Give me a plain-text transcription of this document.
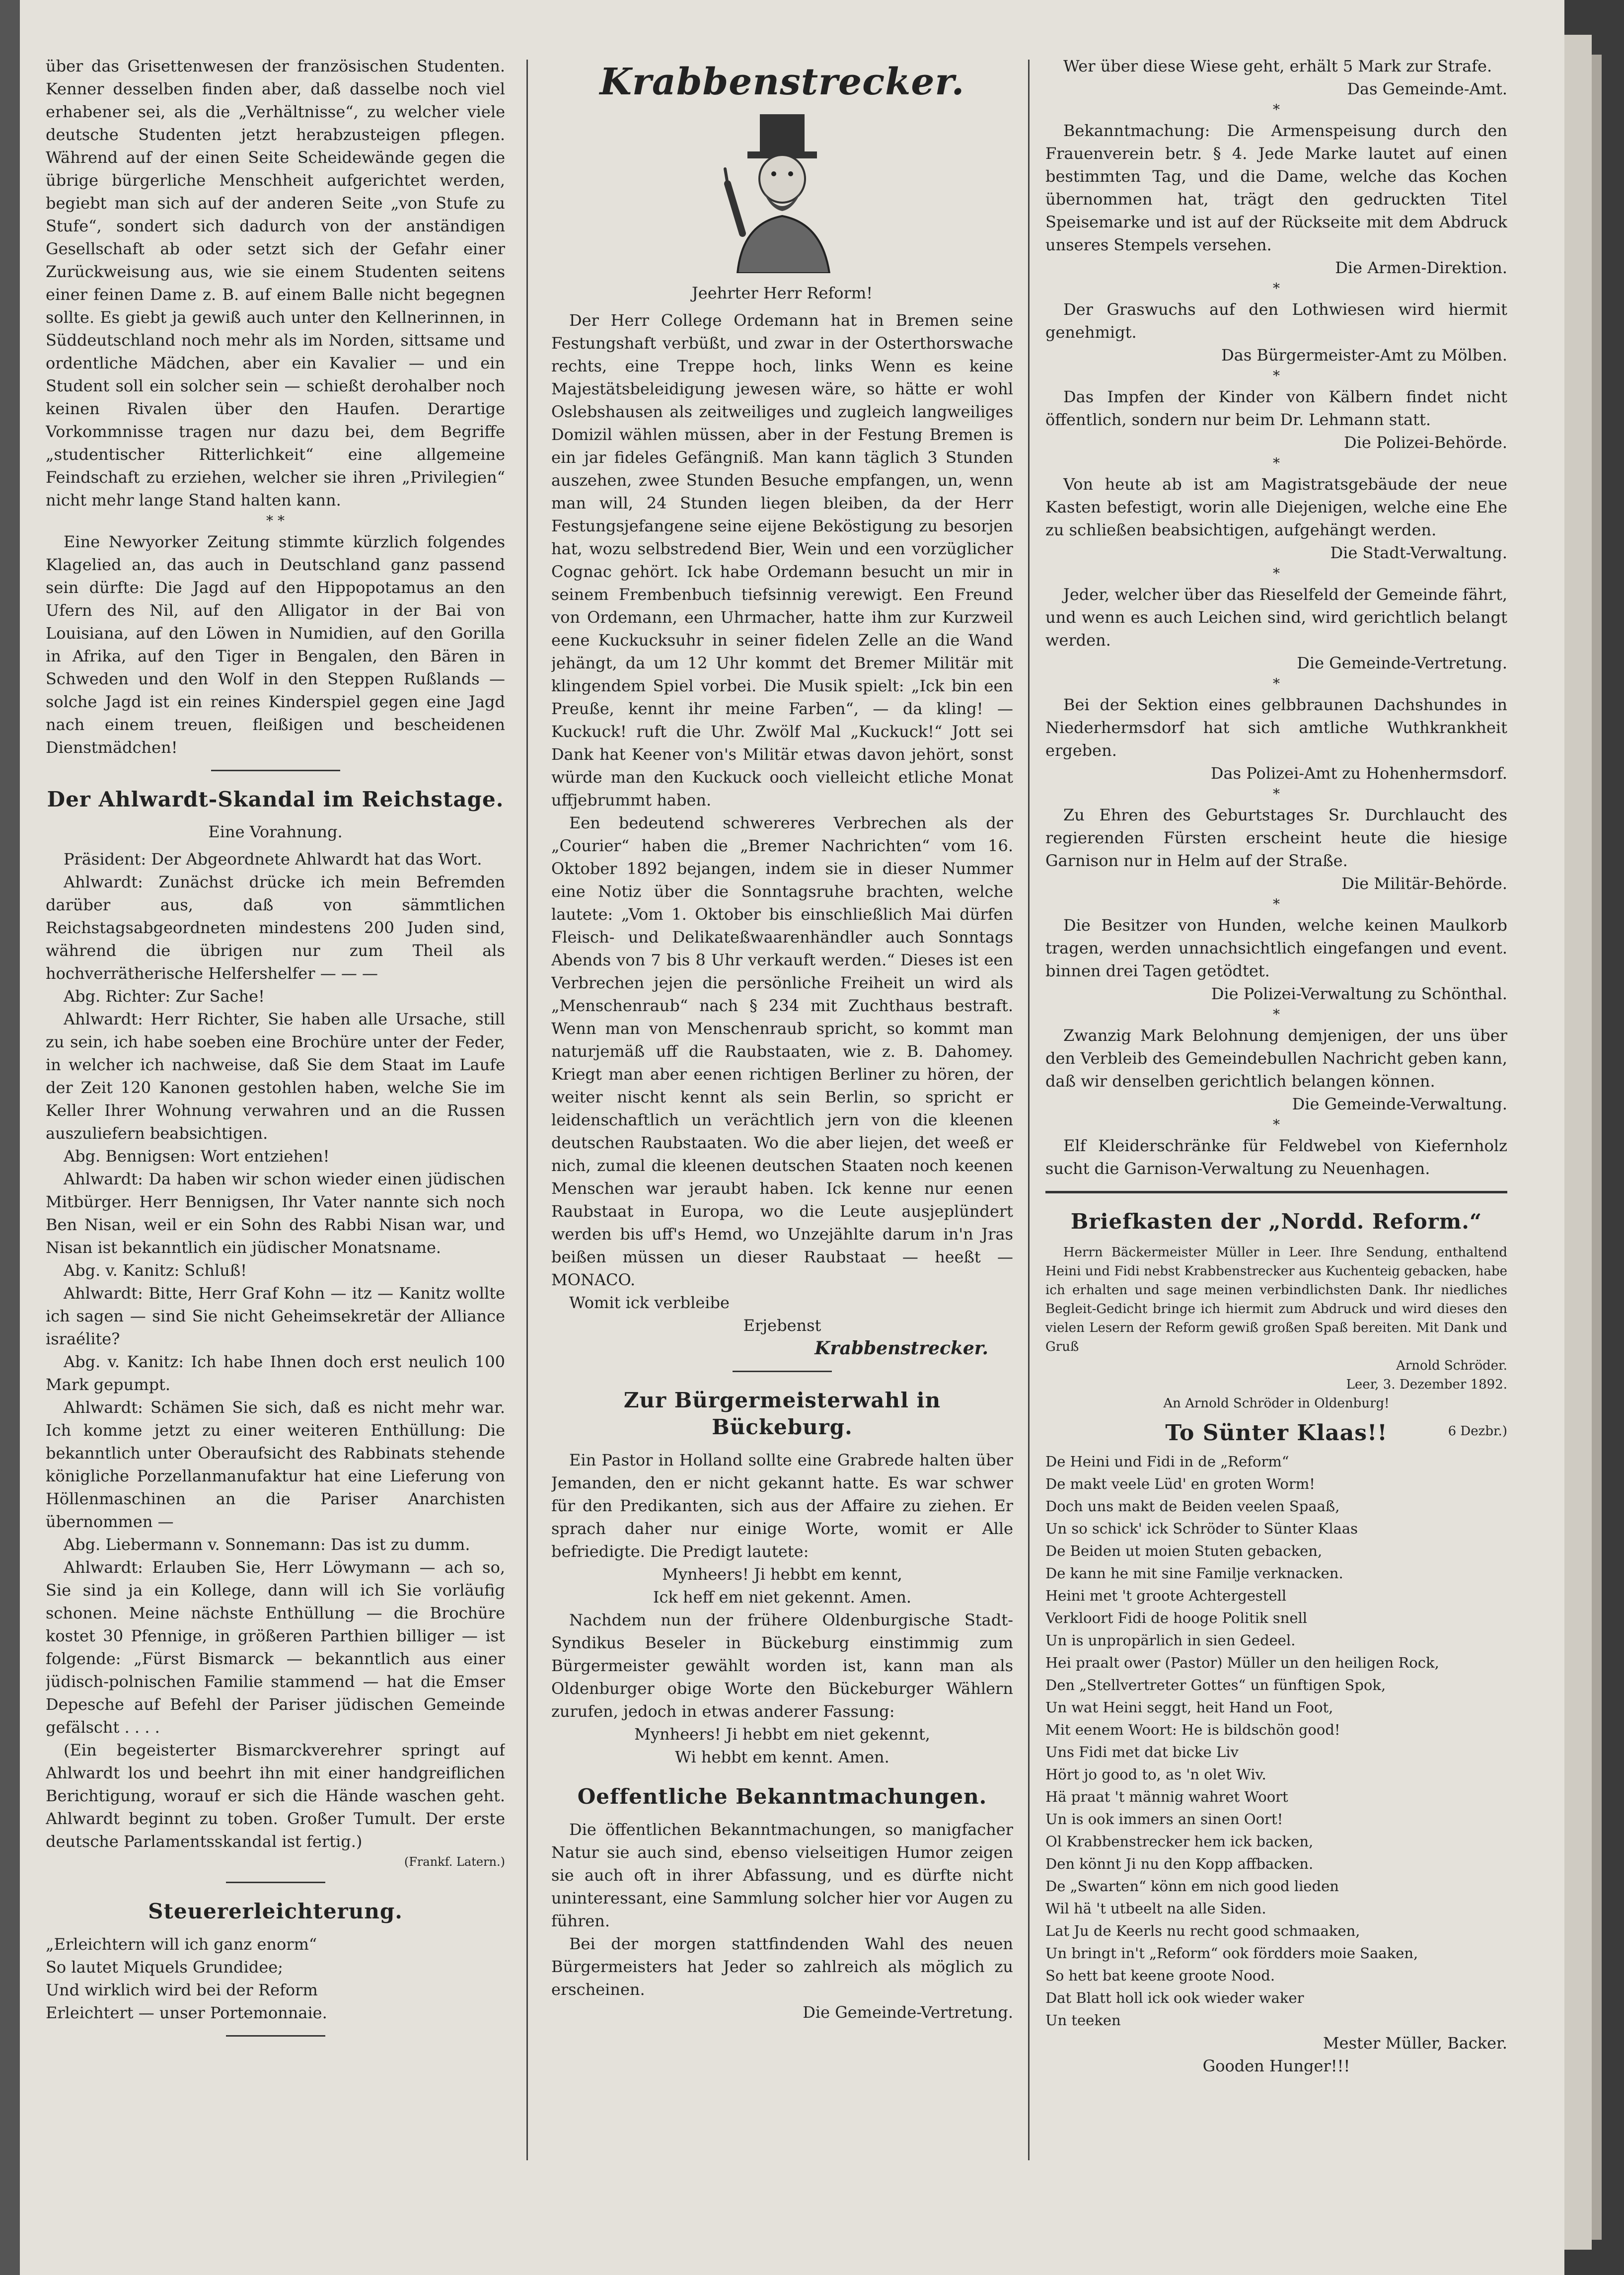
über das Grisettenwesen der französischen Studenten. Kenner desselben finden aber, daß dasselbe noch viel erhabener sei, als die „Verhältnisse“, zu welcher viele deutsche Studenten jetzt herabzusteigen pflegen. Während auf der einen Seite Scheidewände gegen die übrige bürgerliche Menschheit aufgerichtet werden, begiebt man sich auf der anderen Seite „von Stufe zu Stufe“, sondert sich dadurch von der anständigen Gesellschaft ab oder setzt sich der Gefahr einer Zurückweisung aus, wie sie einem Studenten seitens einer feinen Dame z. B. auf einem Balle nicht begegnen sollte. Es giebt ja gewiß auch unter den Kellnerinnen, in Süddeutschland noch mehr als im Norden, sittsame und ordentliche Mädchen, aber ein Kavalier — und ein Student soll ein solcher sein — schießt derohalber noch keinen Rivalen über den Haufen. Derartige Vorkommnisse tragen nur dazu bei, dem Begriffe „studentischer Ritterlichkeit“ eine allgemeine Feindschaft zu erziehen, welcher sie ihren „Privilegien“ nicht mehr lange Stand halten kann.

* *

Eine Newyorker Zeitung stimmte kürzlich folgendes Klagelied an, das auch in Deutschland ganz passend sein dürfte: Die Jagd auf den Hippopotamus an den Ufern des Nil, auf den Alligator in der Bai von Louisiana, auf den Löwen in Numidien, auf den Gorilla in Afrika, auf den Tiger in Bengalen, den Bären in Schweden und den Wolf in den Steppen Rußlands — solche Jagd ist ein reines Kinderspiel gegen eine Jagd nach einem treuen, fleißigen und bescheidenen Dienstmädchen!

Der Ahlwardt-Skandal im Reichstage.

Eine Vorahnung.

Präsident: Der Abgeordnete Ahlwardt hat das Wort.

Ahlwardt: Zunächst drücke ich mein Befremden darüber aus, daß von sämmtlichen Reichstagsabgeordneten mindestens 200 Juden sind, während die übrigen nur zum Theil als hochverrätherische Helfershelfer — — —

Abg. Richter: Zur Sache!

Ahlwardt: Herr Richter, Sie haben alle Ursache, still zu sein, ich habe soeben eine Brochüre unter der Feder, in welcher ich nachweise, daß Sie dem Staat im Laufe der Zeit 120 Kanonen gestohlen haben, welche Sie im Keller Ihrer Wohnung verwahren und an die Russen auszuliefern beabsichtigen.

Abg. Bennigsen: Wort entziehen!

Ahlwardt: Da haben wir schon wieder einen jüdischen Mitbürger. Herr Bennigsen, Ihr Vater nannte sich noch Ben Nisan, weil er ein Sohn des Rabbi Nisan war, und Nisan ist bekanntlich ein jüdischer Monatsname.

Abg. v. Kanitz: Schluß!

Ahlwardt: Bitte, Herr Graf Kohn — itz — Kanitz wollte ich sagen — sind Sie nicht Geheimsekretär der Alliance israélite?

Abg. v. Kanitz: Ich habe Ihnen doch erst neulich 100 Mark gepumpt.

Ahlwardt: Schämen Sie sich, daß es nicht mehr war. Ich komme jetzt zu einer weiteren Enthüllung: Die bekanntlich unter Oberaufsicht des Rabbinats stehende königliche Porzellanmanufaktur hat eine Lieferung von Höllenmaschinen an die Pariser Anarchisten übernommen —

Abg. Liebermann v. Sonnemann: Das ist zu dumm.

Ahlwardt: Erlauben Sie, Herr Löwymann — ach so, Sie sind ja ein Kollege, dann will ich Sie vorläufig schonen. Meine nächste Enthüllung — die Brochüre kostet 30 Pfennige, in größeren Parthien billiger — ist folgende: „Fürst Bismarck — bekanntlich aus einer jüdisch-polnischen Familie stammend — hat die Emser Depesche auf Befehl der Pariser jüdischen Gemeinde gefälscht . . . .

(Ein begeisterter Bismarckverehrer springt auf Ahlwardt los und beehrt ihn mit einer handgreiflichen Berichtigung, worauf er sich die Hände waschen geht. Ahlwardt beginnt zu toben. Großer Tumult. Der erste deutsche Parlamentsskandal ist fertig.)

(Frankf. Latern.)

Steuererleichterung.

„Erleichtern will ich ganz enorm“

So lautet Miquels Grundidee;

Und wirklich wird bei der Reform

Erleichtert — unser Portemonnaie.

Krabbenstrecker.

Jeehrter Herr Reform!

Der Herr College Ordemann hat in Bremen seine Festungshaft verbüßt, und zwar in der Osterthorswache rechts, eine Treppe hoch, links Wenn es keine Majestätsbeleidigung jewesen wäre, so hätte er wohl Oslebshausen als zeitweiliges und zugleich langweiliges Domizil wählen müssen, aber in der Festung Bremen is ein jar fideles Gefängniß. Man kann täglich 3 Stunden auszehen, zwee Stunden Besuche empfangen, un, wenn man will, 24 Stunden liegen bleiben, da der Herr Festungsjefangene seine eijene Beköstigung zu besorjen hat, wozu selbstredend Bier, Wein und een vorzüglicher Cognac gehört. Ick habe Ordemann besucht un mir in seinem Frembenbuch tiefsinnig verewigt. Een Freund von Ordemann, een Uhrmacher, hatte ihm zur Kurzweil eene Kuckucksuhr in seiner fidelen Zelle an die Wand jehängt, da um 12 Uhr kommt det Bremer Militär mit klingendem Spiel vorbei. Die Musik spielt: „Ick bin een Preuße, kennt ihr meine Farben“, — da kling! — Kuckuck! ruft die Uhr. Zwölf Mal „Kuckuck!“ Jott sei Dank hat Keener von's Militär etwas davon jehört, sonst würde man den Kuckuck ooch vielleicht etliche Monat uffjebrummt haben.

Een bedeutend schwereres Verbrechen als der „Courier“ haben die „Bremer Nachrichten“ vom 16. Oktober 1892 bejangen, indem sie in dieser Nummer eine Notiz über die Sonntagsruhe brachten, welche lautete: „Vom 1. Oktober bis einschließlich Mai dürfen Fleisch- und Delikateßwaarenhändler auch Sonntags Abends von 7 bis 8 Uhr verkauft werden.“ Dieses ist een Verbrechen jejen die persönliche Freiheit un wird als „Menschenraub“ nach § 234 mit Zuchthaus bestraft. Wenn man von Menschenraub spricht, so kommt man naturjemäß uff die Raubstaaten, wie z. B. Dahomey. Kriegt man aber eenen richtigen Berliner zu hören, der weiter nischt kennt als sein Berlin, so spricht er leidenschaftlich un verächtlich jern von die kleenen deutschen Raubstaaten. Wo die aber liejen, det weeß er nich, zumal die kleenen deutschen Staaten noch keenen Menschen war jeraubt haben. Ick kenne nur eenen Raubstaat in Europa, wo die Leute ausjeplündert werden bis uff's Hemd, wo Unzejählte darum in'n Jras beißen müssen un dieser Raubstaat — heeßt — MONACO.

Womit ick verbleibe

Erjebenst

Krabbenstrecker.

Zur Bürgermeisterwahl in Bückeburg.

Ein Pastor in Holland sollte eine Grabrede halten über Jemanden, den er nicht gekannt hatte. Es war schwer für den Predikanten, sich aus der Affaire zu ziehen. Er sprach daher nur einige Worte, womit er Alle befriedigte. Die Predigt lautete:

Mynheers! Ji hebbt em kennt,

Ick heff em niet gekennt. Amen.

Nachdem nun der frühere Oldenburgische Stadt-Syndikus Beseler in Bückeburg einstimmig zum Bürgermeister gewählt worden ist, kann man als Oldenburger obige Worte den Bückeburger Wählern zurufen, jedoch in etwas anderer Fassung:

Mynheers! Ji hebbt em niet gekennt,

Wi hebbt em kennt. Amen.

Oeffentliche Bekanntmachungen.

Die öffentlichen Bekanntmachungen, so manigfacher Natur sie auch sind, ebenso vielseitigen Humor zeigen sie auch oft in ihrer Abfassung, und es dürfte nicht uninteressant, eine Sammlung solcher hier vor Augen zu führen.

Bei der morgen stattfindenden Wahl des neuen Bürgermeisters hat Jeder so zahlreich als möglich zu erscheinen.

Die Gemeinde-Vertretung.

Wer über diese Wiese geht, erhält 5 Mark zur Strafe.

Das Gemeinde-Amt.

*

Bekanntmachung: Die Armenspeisung durch den Frauenverein betr. § 4. Jede Marke lautet auf einen bestimmten Tag, und die Dame, welche das Kochen übernommen hat, trägt den gedruckten Titel Speisemarke und ist auf der Rückseite mit dem Abdruck unseres Stempels versehen.

Die Armen-Direktion.

*

Der Graswuchs auf den Lothwiesen wird hiermit genehmigt.

Das Bürgermeister-Amt zu Mölben.

*

Das Impfen der Kinder von Kälbern findet nicht öffentlich, sondern nur beim Dr. Lehmann statt.

Die Polizei-Behörde.

*

Von heute ab ist am Magistratsgebäude der neue Kasten befestigt, worin alle Diejenigen, welche eine Ehe zu schließen beabsichtigen, aufgehängt werden.

Die Stadt-Verwaltung.

*

Jeder, welcher über das Rieselfeld der Gemeinde fährt, und wenn es auch Leichen sind, wird gerichtlich belangt werden.

Die Gemeinde-Vertretung.

*

Bei der Sektion eines gelbbraunen Dachshundes in Niederhermsdorf hat sich amtliche Wuthkrankheit ergeben.

Das Polizei-Amt zu Hohenhermsdorf.

*

Zu Ehren des Geburtstages Sr. Durchlaucht des regierenden Fürsten erscheint heute die hiesige Garnison nur in Helm auf der Straße.

Die Militär-Behörde.

*

Die Besitzer von Hunden, welche keinen Maulkorb tragen, werden unnachsichtlich eingefangen und event. binnen drei Tagen getödtet.

Die Polizei-Verwaltung zu Schönthal.

*

Zwanzig Mark Belohnung demjenigen, der uns über den Verbleib des Gemeindebullen Nachricht geben kann, daß wir denselben gerichtlich belangen können.

Die Gemeinde-Verwaltung.

*

Elf Kleiderschränke für Feldwebel von Kiefernholz sucht die Garnison-Verwaltung zu Neuenhagen.

Briefkasten der „Nordd. Reform.“

Herrn Bäckermeister Müller in Leer. Ihre Sendung, enthaltend Heini und Fidi nebst Krabbenstrecker aus Kuchenteig gebacken, habe ich erhalten und sage meinen verbindlichsten Dank. Ihr niedliches Begleit-Gedicht bringe ich hiermit zum Abdruck und wird dieses den vielen Lesern der Reform gewiß großen Spaß bereiten. Mit Dank und Gruß

Arnold Schröder.

Leer, 3. Dezember 1892.

An Arnold Schröder in Oldenburg!

To Sünter Klaas!!	6 Dezbr.)

De Heini und Fidi in de „Reform“

De makt veele Lüd' en groten Worm!

Doch uns makt de Beiden veelen Spaaß,

Un so schick' ick Schröder to Sünter Klaas

De Beiden ut moien Stuten gebacken,

De kann he mit sine Familje verknacken.

Heini met 't groote Achtergestell

Verkloort Fidi de hooge Politik snell

Un is unpropärlich in sien Gedeel.

Hei praalt ower (Pastor) Müller un den heiligen Rock,

Den „Stellvertreter Gottes“ un fünftigen Spok,

Un wat Heini seggt, heit Hand un Foot,

Mit eenem Woort: He is bildschön good!

Uns Fidi met dat bicke Liv

Hört jo good to, as 'n olet Wiv.

Hä praat 't männig wahret Woort

Un is ook immers an sinen Oort!

Ol Krabbenstrecker hem ick backen,

Den könnt Ji nu den Kopp affbacken.

De „Swarten“ könn em nich good lieden

Wil hä 't utbeelt na alle Siden.

Lat Ju de Keerls nu recht good schmaaken,

Un bringt in't „Reform“ ook fördders moie Saaken,

So hett bat keene groote Nood.

Dat Blatt holl ick ook wieder waker

Un teeken

Mester Müller, Backer.

Gooden Hunger!!!
